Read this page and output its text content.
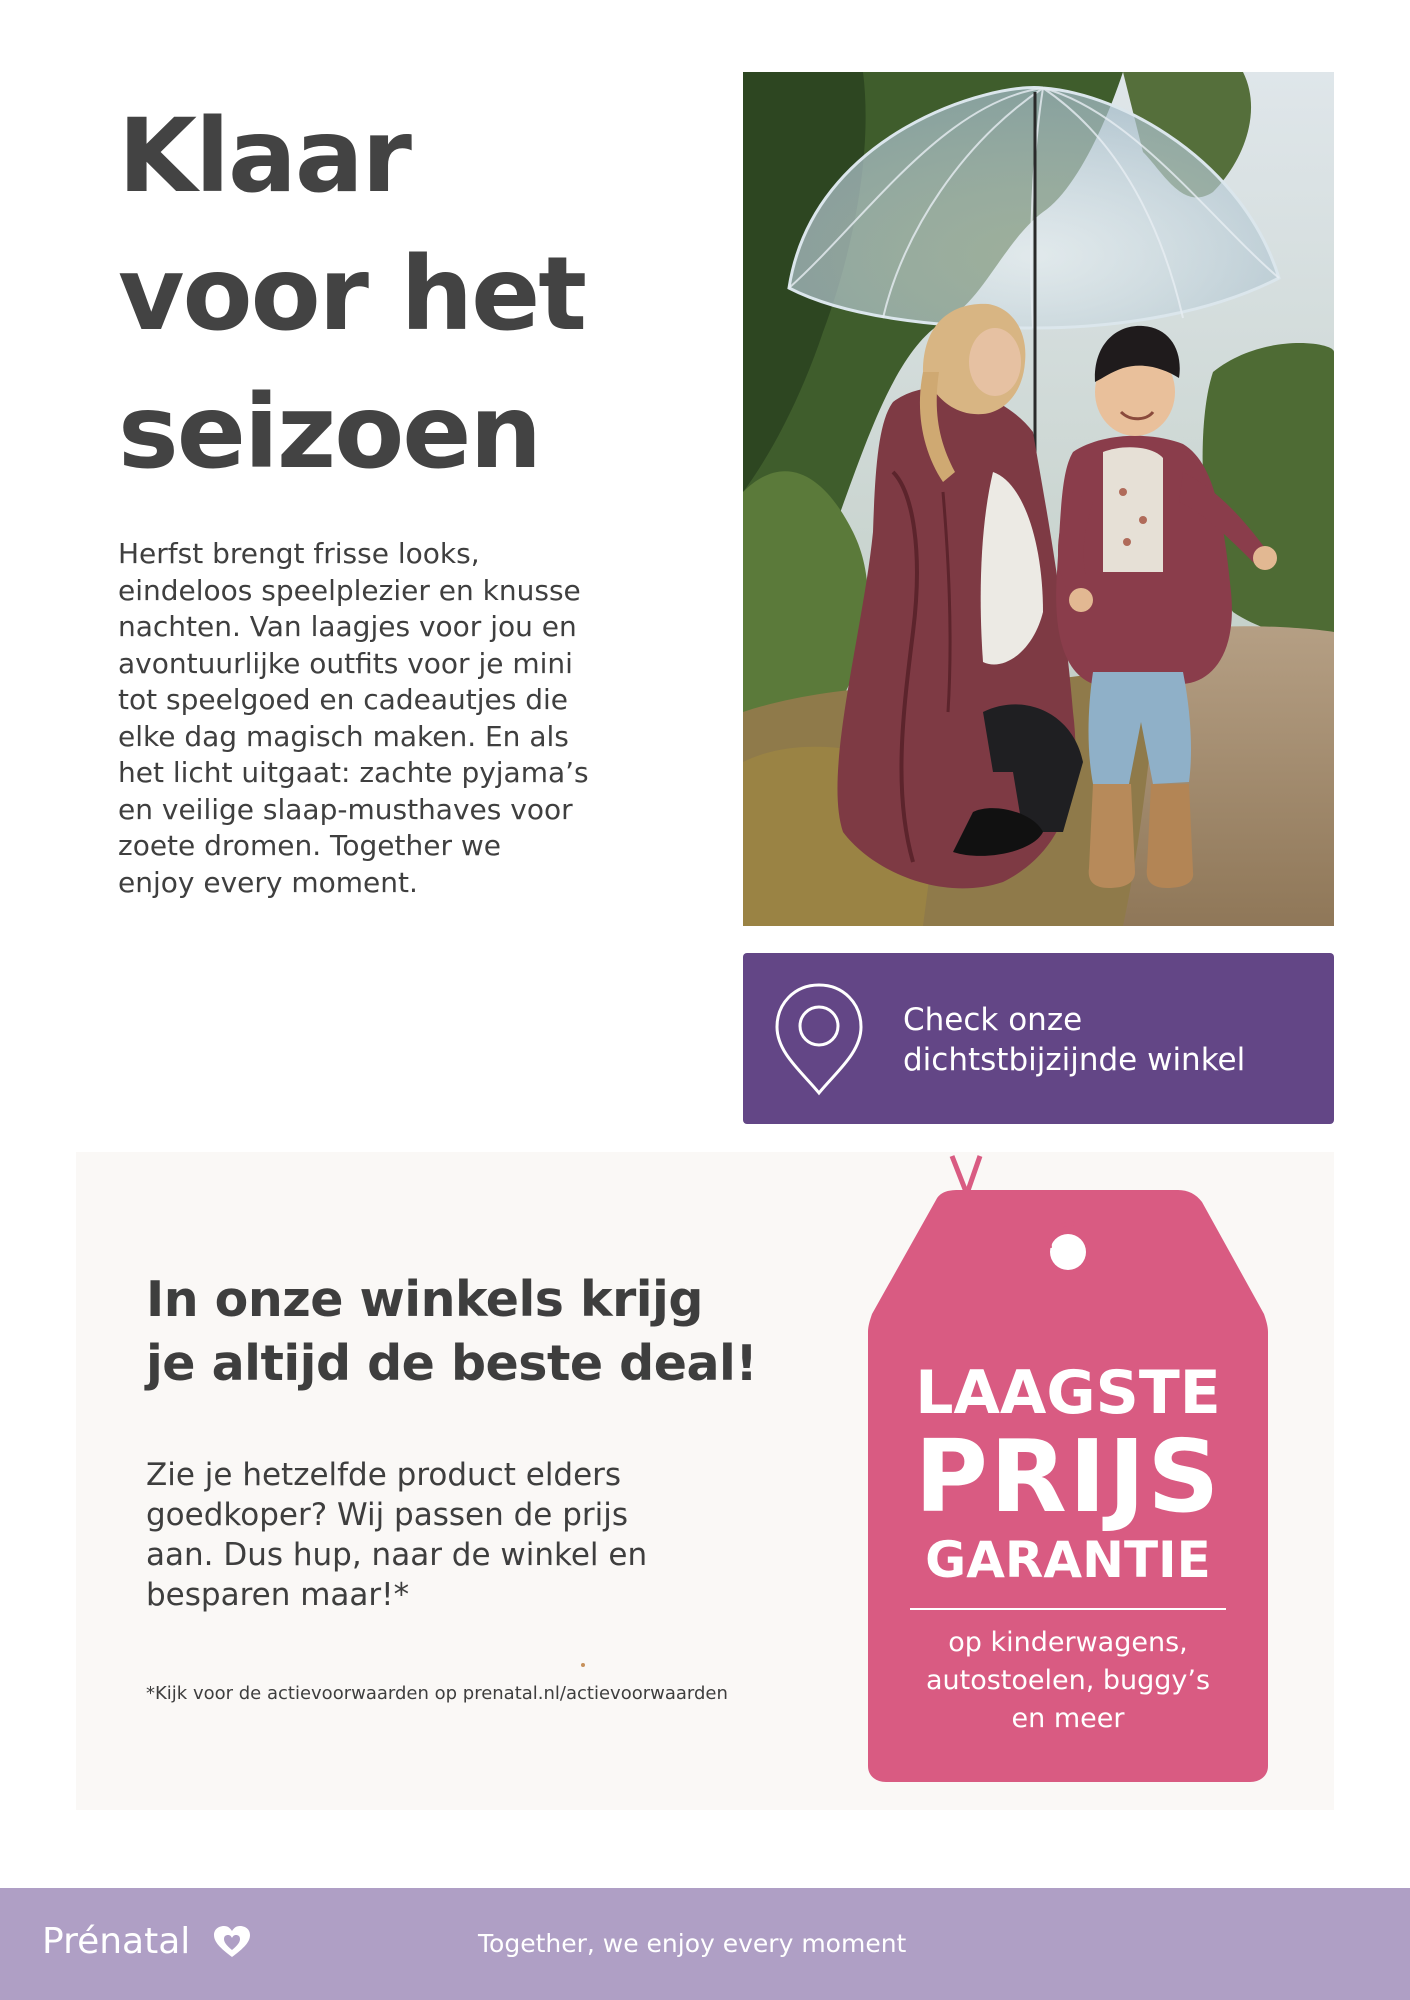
Klaar
voor het
seizoen
Herfst brengt frisse looks,
eindeloos speelplezier en knusse
nachten. Van laagjes voor jou en
avontuurlijke outfits voor je mini
tot speelgoed en cadeautjes die
elke dag magisch maken. En als
het licht uitgaat: zachte pyjama’s
en veilige slaap-musthaves voor
zoete dromen. Together we
enjoy every moment.
Check onze
dichtstbijzijnde winkel
In onze winkels krijg
je altijd de beste deal!
Zie je hetzelfde product elders
goedkoper? Wij passen de prijs
aan. Dus hup, naar de winkel en
besparen maar!*
*Kijk voor de actievoorwaarden op prenatal.nl/actievoorwaarden
LAAGSTE
PRIJS
GARANTIE
op kinderwagens,
autostoelen, buggy’s
en meer
Prénatal	Together, we enjoy every moment
